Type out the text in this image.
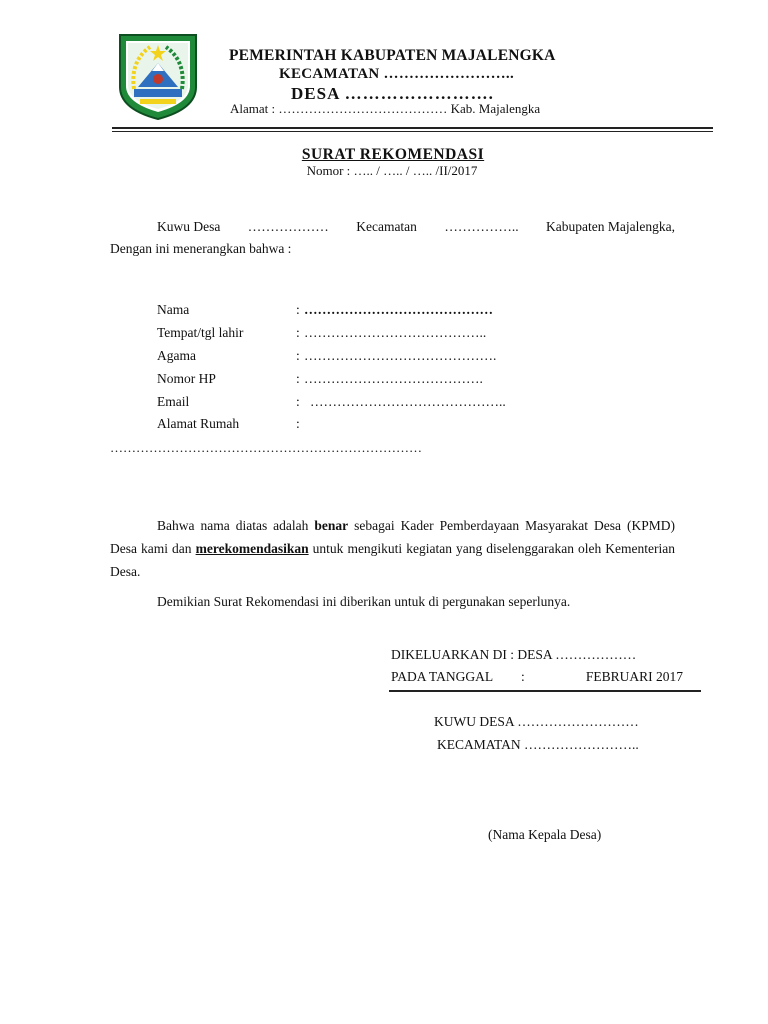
PEMERINTAH KABUPATEN MAJALENGKA
KECAMATAN ……………………..
DESA …………………….
Alamat : ………………………………… Kab. Majalengka
SURAT REKOMENDASI
Nomor : ….. / ….. / ….. /II/2017
Kuwu Desa ……………… Kecamatan …………….. Kabupaten Majalengka,
Dengan ini menerangkan bahwa :
Nama	: ……………………………………
Tempat/tgl lahir	: …………………………………..
Agama	: …………………………………….
Nomor HP	: ………………………………….
Email	: ……………………………………..
Alamat Rumah	:
………………………………………………………………
Bahwa nama diatas adalah benar sebagai Kader Pemberdayaan Masyarakat Desa (KPMD) Desa kami dan merekomendasikan untuk mengikuti kegiatan yang diselenggarakan oleh Kementerian Desa.
Demikian Surat Rekomendasi ini diberikan untuk di pergunakan seperlunya.
DIKELUARKAN DI : DESA ………………
PADA TANGGAL :	FEBRUARI 2017
KUWU DESA ………………………
KECAMATAN ……………………..
(Nama Kepala Desa)
